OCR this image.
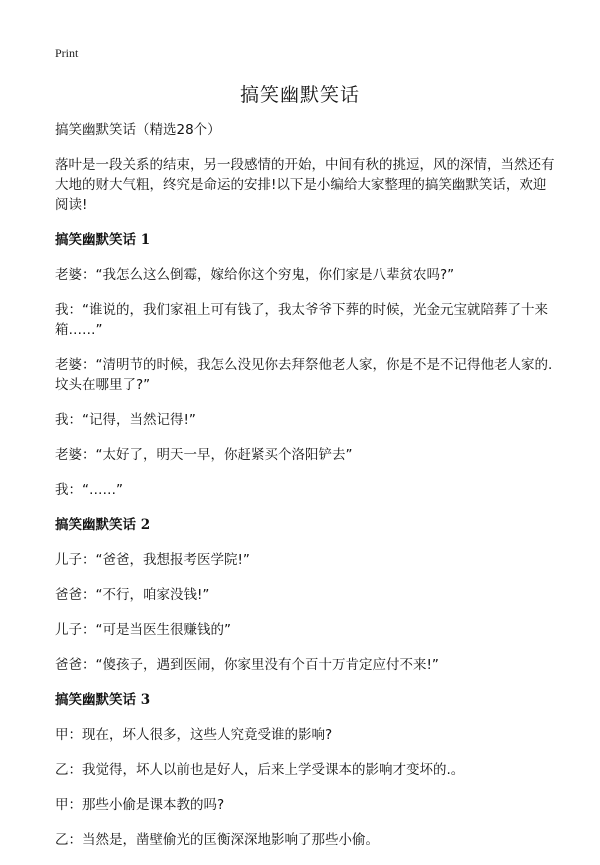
Print
搞笑幽默笑话

搞笑幽默笑话（精选28个）

落叶是一段关系的结束，另一段感情的开始，中间有秋的挑逗，风的深情，当然还有大地的财大气粗，终究是命运的安排!以下是小编给大家整理的搞笑幽默笑话，欢迎阅读!

搞笑幽默笑话 1

老婆：“我怎么这么倒霉，嫁给你这个穷鬼，你们家是八辈贫农吗?”

我：“谁说的，我们家祖上可有钱了，我太爷爷下葬的时候，光金元宝就陪葬了十来箱……”

老婆：“清明节的时候，我怎么没见你去拜祭他老人家，你是不是不记得他老人家的.坟头在哪里了?”

我：“记得，当然记得!”

老婆：“太好了，明天一早，你赶紧买个洛阳铲去”

我：“……”

搞笑幽默笑话 2

儿子：“爸爸，我想报考医学院!”

爸爸：“不行，咱家没钱!”

儿子：“可是当医生很赚钱的”

爸爸：“傻孩子，遇到医闹，你家里没有个百十万肯定应付不来!”

搞笑幽默笑话 3

甲：现在，坏人很多，这些人究竟受谁的影响?

乙：我觉得，坏人以前也是好人，后来上学受课本的影响才变坏的.。

甲：那些小偷是课本教的吗?

乙：当然是，凿壁偷光的匡衡深深地影响了那些小偷。
